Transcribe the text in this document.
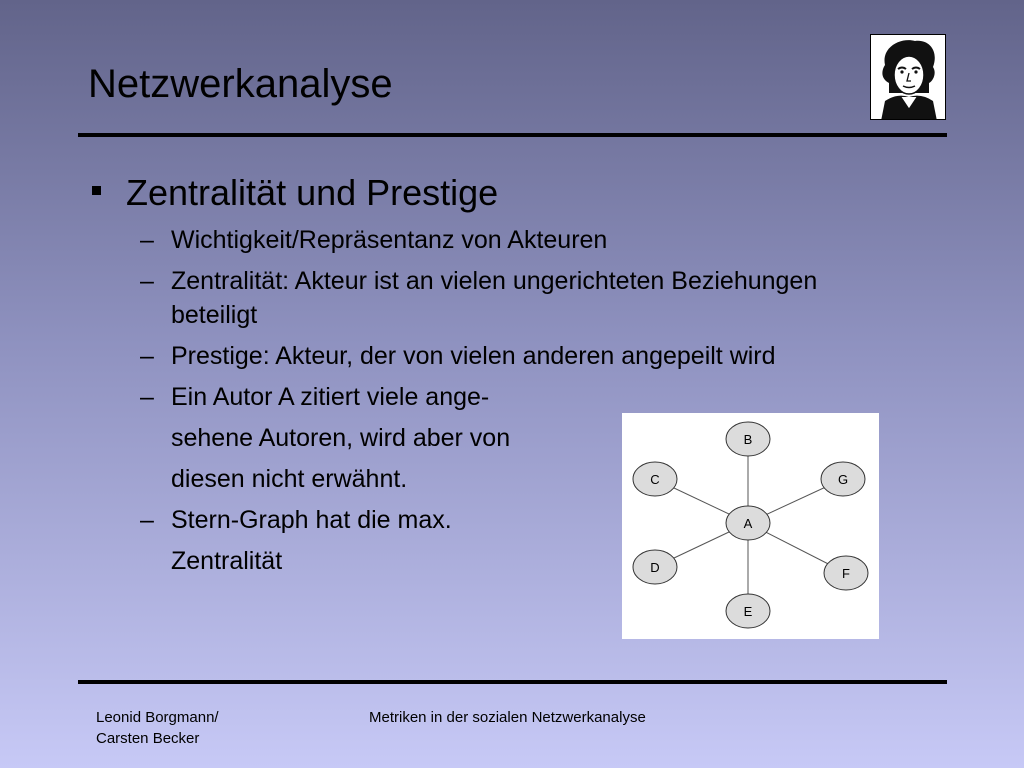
Netzwerkanalyse
Zentralität und Prestige
– Wichtigkeit/Repräsentanz von Akteuren
– Zentralität: Akteur ist an vielen ungerichteten Beziehungen
beteiligt
– Prestige: Akteur, der von vielen anderen angepeilt wird
– Ein Autor A zitiert viele ange-
sehene Autoren, wird aber von
diesen nicht erwähnt.
– Stern-Graph hat die max.
Zentralität
A
B
C
D
E
F
G
Leonid Borgmann/
Carsten Becker
Metriken in der sozialen Netzwerkanalyse
